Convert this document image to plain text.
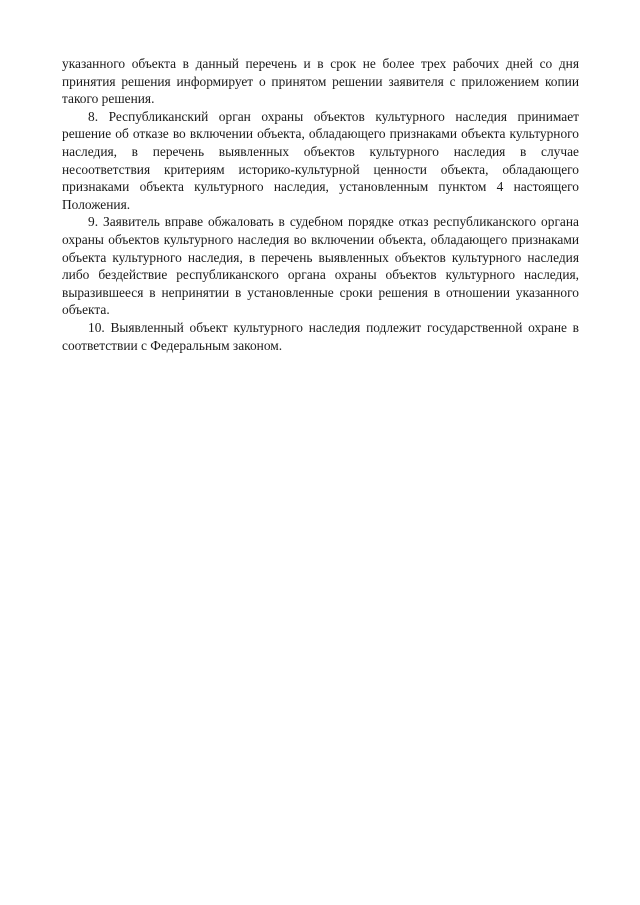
указанного объекта в данный перечень и в срок не более трех рабочих дней со дня принятия решения информирует о принятом решении заявителя с приложением копии такого решения.

8. Республиканский орган охраны объектов культурного наследия принимает решение об отказе во включении объекта, обладающего признаками объекта культурного наследия, в перечень выявленных объектов культурного наследия в случае несоответствия критериям историко-культурной ценности объекта, обладающего признаками объекта культурного наследия, установленным пунктом 4 настоящего Положения.

9. Заявитель вправе обжаловать в судебном порядке отказ республиканского органа охраны объектов культурного наследия во включении объекта, обладающего признаками объекта культурного наследия, в перечень выявленных объектов культурного наследия либо бездействие республиканского органа охраны объектов культурного наследия, выразившееся в непринятии в установленные сроки решения в отношении указанного объекта.

10. Выявленный объект культурного наследия подлежит государственной охране в соответствии с Федеральным законом.
